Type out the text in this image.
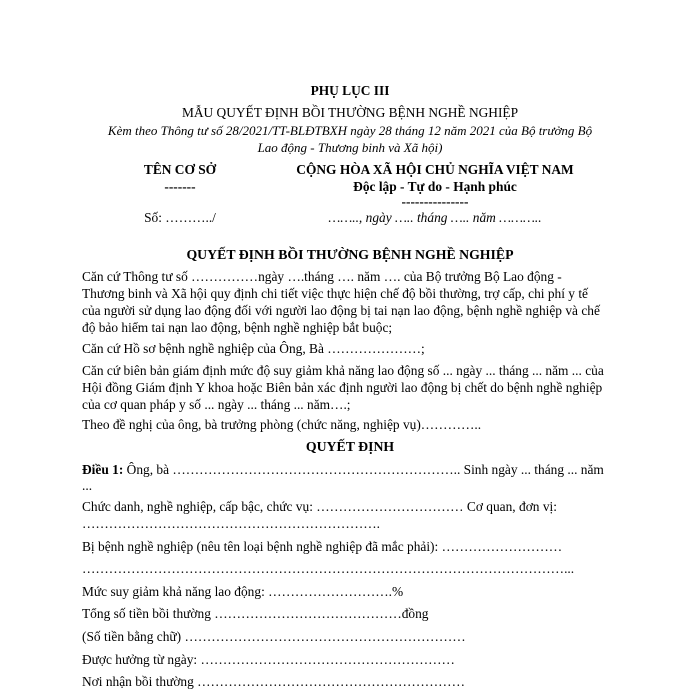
PHỤ LỤC III
MẪU QUYẾT ĐỊNH BỒI THƯỜNG BỆNH NGHỀ NGHIỆP
Kèm theo Thông tư số 28/2021/TT-BLĐTBXH ngày 28 tháng 12 năm 2021 của Bộ trưởng Bộ
Lao động - Thương binh và Xã hội)
TÊN CƠ SỞ
-------
Số: ………../
CỘNG HÒA XÃ HỘI CHỦ NGHĨA VIỆT NAM
Độc lập - Tự do - Hạnh phúc
---------------
…….., ngày ….. tháng ….. năm ………..
QUYẾT ĐỊNH BỒI THƯỜNG BỆNH NGHỀ NGHIỆP
Căn cứ Thông tư số ……………ngày ….tháng …. năm …. của Bộ trưởng Bộ Lao động -
Thương binh và Xã hội quy định chi tiết việc thực hiện chế độ bồi thường, trợ cấp, chi phí y tế
của người sử dụng lao động đối với người lao động bị tai nạn lao động, bệnh nghề nghiệp và chế
độ bảo hiểm tai nạn lao động, bệnh nghề nghiệp bắt buộc;
Căn cứ Hồ sơ bệnh nghề nghiệp của Ông, Bà …………………;
Căn cứ biên bản giám định mức độ suy giảm khả năng lao động số ... ngày ... tháng ... năm ... của
Hội đồng Giám định Y khoa hoặc Biên bản xác định người lao động bị chết do bệnh nghề nghiệp
của cơ quan pháp y số ... ngày ... tháng ... năm….;
Theo đề nghị của ông, bà trưởng phòng (chức năng, nghiệp vụ)…………..
QUYẾT ĐỊNH
Điều 1: Ông, bà ……………………………………………………….. Sinh ngày ... tháng ... năm
...
Chức danh, nghề nghiệp, cấp bậc, chức vụ: …………………………… Cơ quan, đơn vị:
………………………………………………………….
Bị bệnh nghề nghiệp (nêu tên loại bệnh nghề nghiệp đã mắc phải): ………………………
………………………………………………………………………………………………...
Mức suy giảm khả năng lao động: ……………………….%
Tổng số tiền bồi thường ……………………………………đồng
(Số tiền bằng chữ) ………………………………………………………
Được hưởng từ ngày: …………………………………………………
Nơi nhận bồi thường ……………………………………………………
